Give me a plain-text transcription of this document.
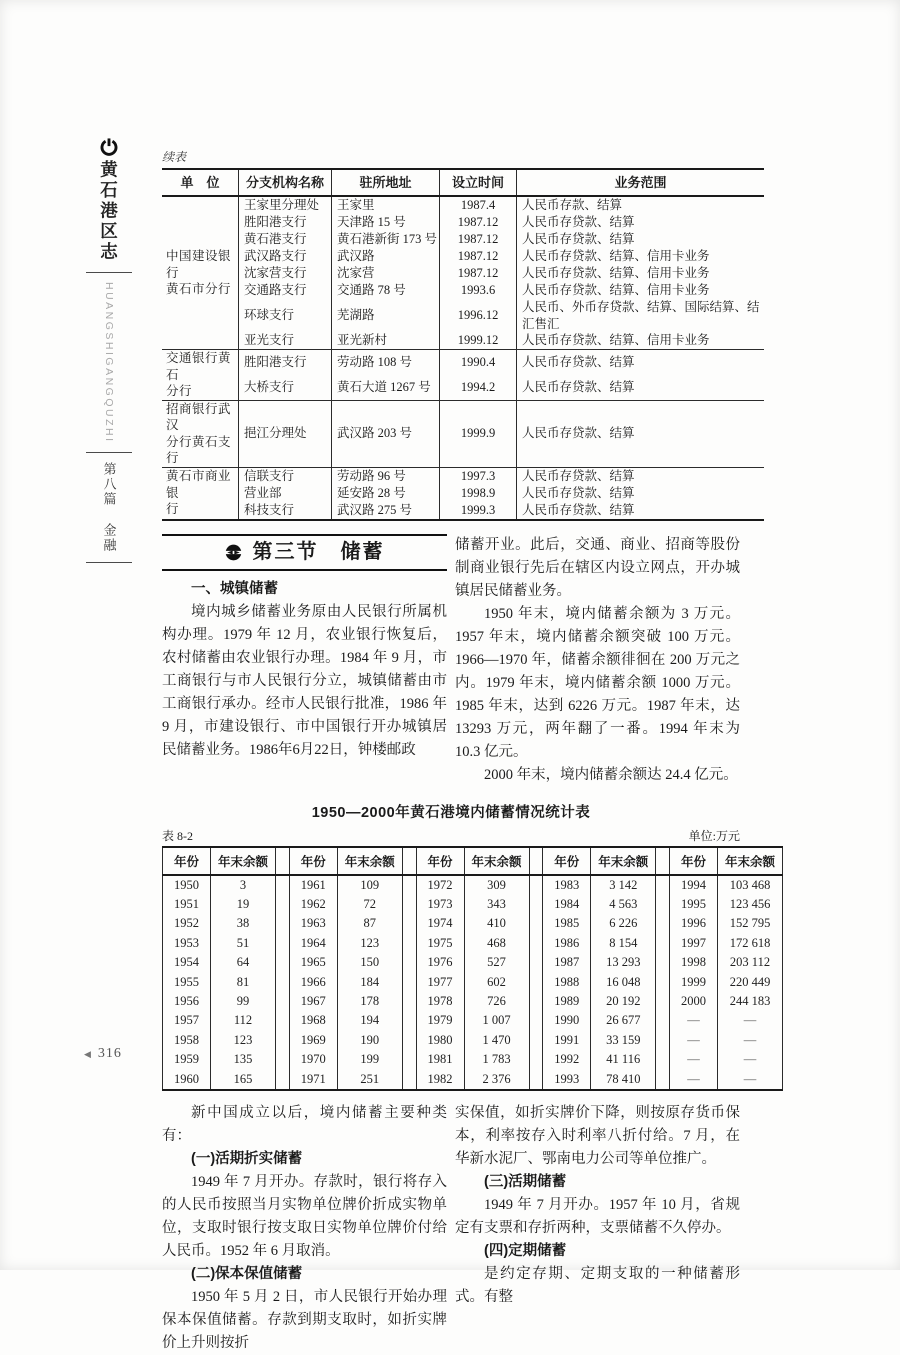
黄石港区志
HUANGSHIGANGQUZHI
第八篇
金融
续表
单　位	分支机构名称	驻所地址	设立时间	业务范围
中国建设银行
黄石市分行	王家里分理处	王家里	1987.4	人民币存款、结算
	胜阳港支行	天津路 15 号	1987.12	人民币存贷款、结算
	黄石港支行	黄石港新街 173 号	1987.12	人民币存贷款、结算
	武汉路支行	武汉路	1987.12	人民币存贷款、结算、信用卡业务
	沈家营支行	沈家营	1987.12	人民币存贷款、结算、信用卡业务
	交通路支行	交通路 78 号	1993.6	人民币存贷款、结算、信用卡业务
	环球支行	芜湖路	1996.12	人民币、外币存贷款、结算、国际结算、结汇售汇
	亚光支行	亚光新村	1999.12	人民币存贷款、结算、信用卡业务
交通银行黄石
分行	胜阳港支行	劳动路 108 号	1990.4	人民币存贷款、结算
	大桥支行	黄石大道 1267 号	1994.2	人民币存贷款、结算
招商银行武汉
分行黄石支行	挹江分理处	武汉路 203 号	1999.9	人民币存贷款、结算
黄石市商业银
行	信联支行	劳动路 96 号	1997.3	人民币存贷款、结算
	营业部	延安路 28 号	1998.9	人民币存贷款、结算
	科技支行	武汉路 275 号	1999.3	人民币存贷款、结算
第三节　储蓄

一、城镇储蓄

境内城乡储蓄业务原由人民银行所属机构办理。1979 年 12 月，农业银行恢复后，农村储蓄由农业银行办理。1984 年 9 月，市工商银行与市人民银行分立，城镇储蓄由市工商银行承办。经市人民银行批准，1986 年 9 月，市建设银行、市中国银行开办城镇居民储蓄业务。1986年6月22日，钟楼邮政

储蓄开业。此后，交通、商业、招商等股份制商业银行先后在辖区内设立网点，开办城镇居民储蓄业务。

1950 年末，境内储蓄余额为 3 万元。1957 年末，境内储蓄余额突破 100 万元。1966—1970 年，储蓄余额徘徊在 200 万元之内。1979 年末，境内储蓄余额 1000 万元。1985 年末，达到 6226 万元。1987 年末，达 13293 万元，两年翻了一番。1994 年末为 10.3 亿元。

2000 年末，境内储蓄余额达 24.4 亿元。

1950—2000年黄石港境内储蓄情况统计表
表 8-2	单位:万元
年份	年末余额		年份	年末余额		年份	年末余额		年份	年末余额		年份	年末余额
1950	3		1961	109		1972	309		1983	3 142		1994	103 468
1951	19		1962	72		1973	343		1984	4 563		1995	123 456
1952	38		1963	87		1974	410		1985	6 226		1996	152 795
1953	51		1964	123		1975	468		1986	8 154		1997	172 618
1954	64		1965	150		1976	527		1987	13 293		1998	203 112
1955	81		1966	184		1977	602		1988	16 048		1999	220 449
1956	99		1967	178		1978	726		1989	20 192		2000	244 183
1957	112		1968	194		1979	1 007		1990	26 677		—	—
1958	123		1969	190		1980	1 470		1991	33 159		—	—
1959	135		1970	199		1981	1 783		1992	41 116		—	—
1960	165		1971	251		1982	2 376		1993	78 410		—	—

新中国成立以后，境内储蓄主要种类有：

(一)活期折实储蓄

1949 年 7 月开办。存款时，银行将存入的人民币按照当月实物单位牌价折成实物单位，支取时银行按支取日实物单位牌价付给人民币。1952 年 6 月取消。

(二)保本保值储蓄

1950 年 5 月 2 日，市人民银行开始办理保本保值储蓄。存款到期支取时，如折实牌价上升则按折

实保值，如折实牌价下降，则按原存货币保本，利率按存入时利率八折付给。7 月，在华新水泥厂、鄂南电力公司等单位推广。

(三)活期储蓄

1949 年 7 月开办。1957 年 10 月，省规定有支票和存折两种，支票储蓄不久停办。

(四)定期储蓄

是约定存期、定期支取的一种储蓄形式。有整

◀ 316
